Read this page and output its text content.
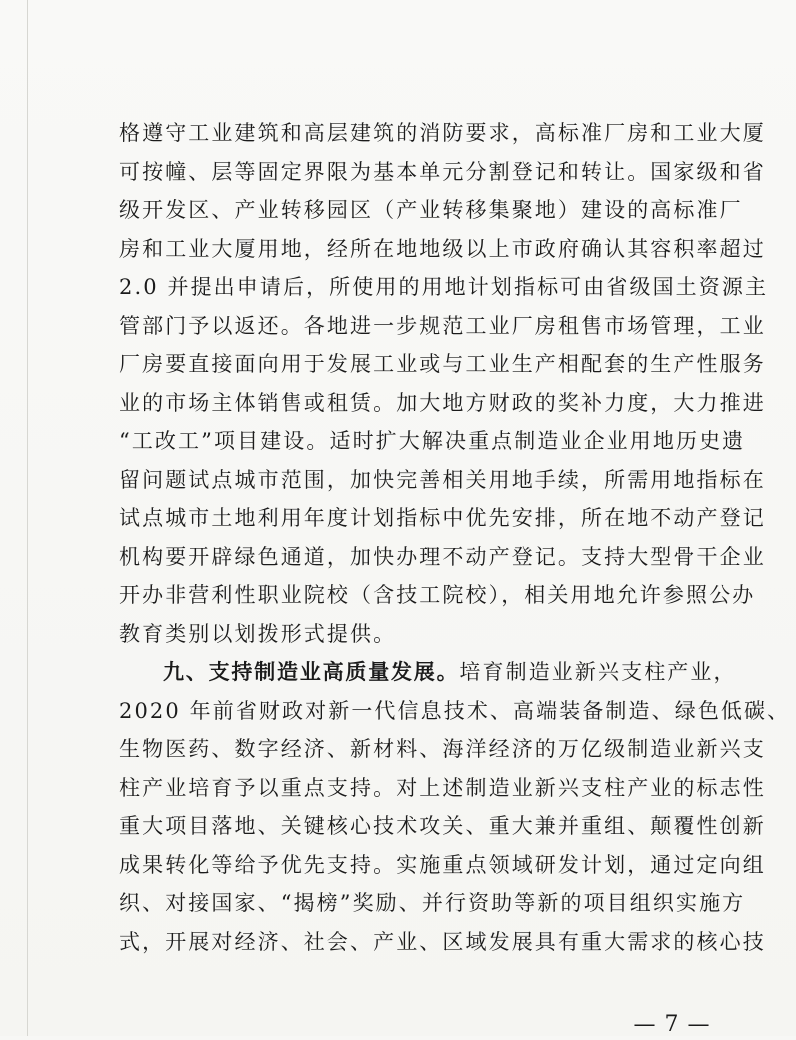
格遵守工业建筑和高层建筑的消防要求，高标准厂房和工业大厦
可按幢、层等固定界限为基本单元分割登记和转让。国家级和省
级开发区、产业转移园区（产业转移集聚地）建设的高标准厂
房和工业大厦用地，经所在地地级以上市政府确认其容积率超过
2.0 并提出申请后，所使用的用地计划指标可由省级国土资源主
管部门予以返还。各地进一步规范工业厂房租售市场管理，工业
厂房要直接面向用于发展工业或与工业生产相配套的生产性服务
业的市场主体销售或租赁。加大地方财政的奖补力度，大力推进
“工改工”项目建设。适时扩大解决重点制造业企业用地历史遗
留问题试点城市范围，加快完善相关用地手续，所需用地指标在
试点城市土地利用年度计划指标中优先安排，所在地不动产登记
机构要开辟绿色通道，加快办理不动产登记。支持大型骨干企业
开办非营利性职业院校（含技工院校），相关用地允许参照公办
教育类别以划拨形式提供。
九、支持制造业高质量发展。培育制造业新兴支柱产业，
2020 年前省财政对新一代信息技术、高端装备制造、绿色低碳、
生物医药、数字经济、新材料、海洋经济的万亿级制造业新兴支
柱产业培育予以重点支持。对上述制造业新兴支柱产业的标志性
重大项目落地、关键核心技术攻关、重大兼并重组、颠覆性创新
成果转化等给予优先支持。实施重点领域研发计划，通过定向组
织、对接国家、“揭榜”奖励、并行资助等新的项目组织实施方
式，开展对经济、社会、产业、区域发展具有重大需求的核心技
— 7 —
